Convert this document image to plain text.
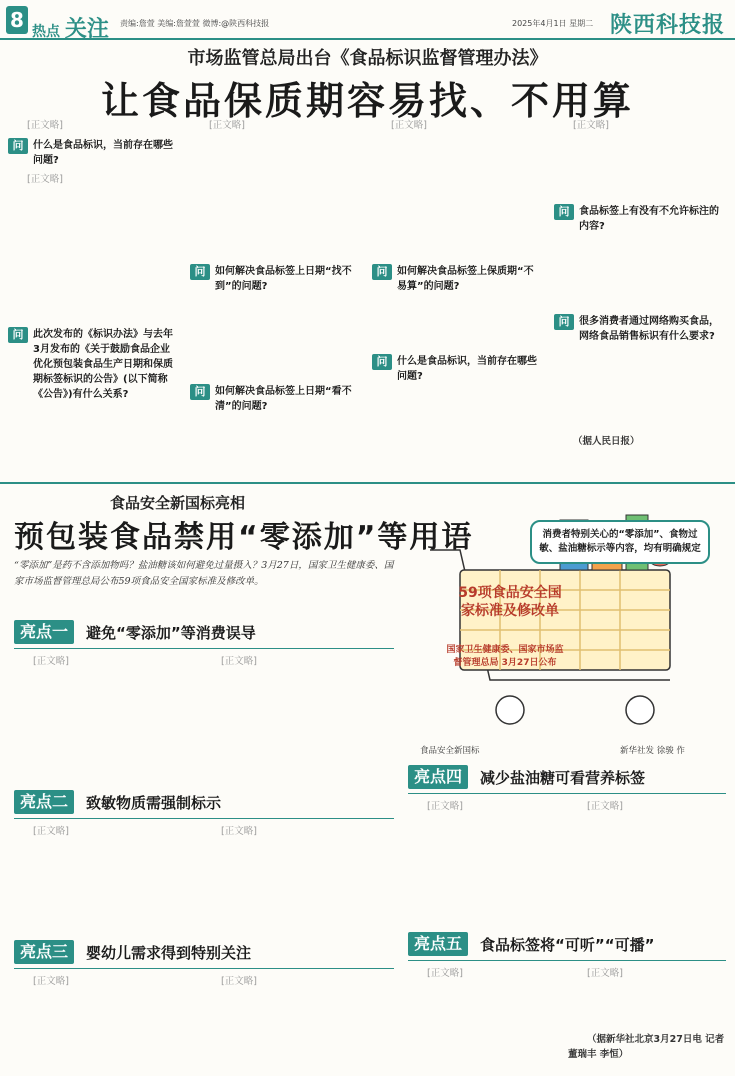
8 热点 关注 责编:詹萱 美编:詹萱萱 微博:@陕西科技报	2025年4月1日 星期二 陕西科技报
市场监管总局出台《食品标识监督管理办法》
让食品保质期容易找、不用算

[正文略]

问 什么是食品标识，当前存在哪些问题?

[正文略]

问 此次发布的《标识办法》与去年3月发布的《关于鼓励食品企业优化预包装食品生产日期和保质期标签标识的公告》(以下简称《公告》)有什么关系?

[正文略]

问 如何解决食品标签上日期“找不到”的问题?
问 如何解决食品标签上日期“看不清”的问题?

[正文略]

问 如何解决食品标签上保质期“不易算”的问题?
问 什么是食品标识，当前存在哪些问题?

[正文略]

问 食品标签上有没有不允许标注的内容?
问 很多消费者通过网络购买食品，网络食品销售标识有什么要求?

（据人民日报）

食品安全新国标亮相
预包装食品禁用“零添加”等用语
“零添加”是药不含添加物吗？盐油糖该如何避免过量摄入？3月27日，国家卫生健康委、国家市场监督管理总局公布59项食品安全国家标准及修改单。
消费者特别关心的“零添加”、食物过敏、盐油糖标示等内容，均有明确规定
59项食品安全国家标准及修改单
国家卫生健康委、国家市场监督管理总局 3月27日公布
食品安全新国标	新华社发 徐骏 作
亮点一	避免“零添加”等消费误导

[正文略]	[正文略]

亮点二	致敏物质需强制标示

[正文略]	[正文略]

亮点三	婴幼儿需求得到特别关注

[正文略]	[正文略]

亮点四	减少盐油糖可看营养标签

[正文略]	[正文略]

亮点五	食品标签将“可听”“可播”

[正文略]	[正文略]

（据新华社北京3月27日电 记者 董瑞丰 李恒）
